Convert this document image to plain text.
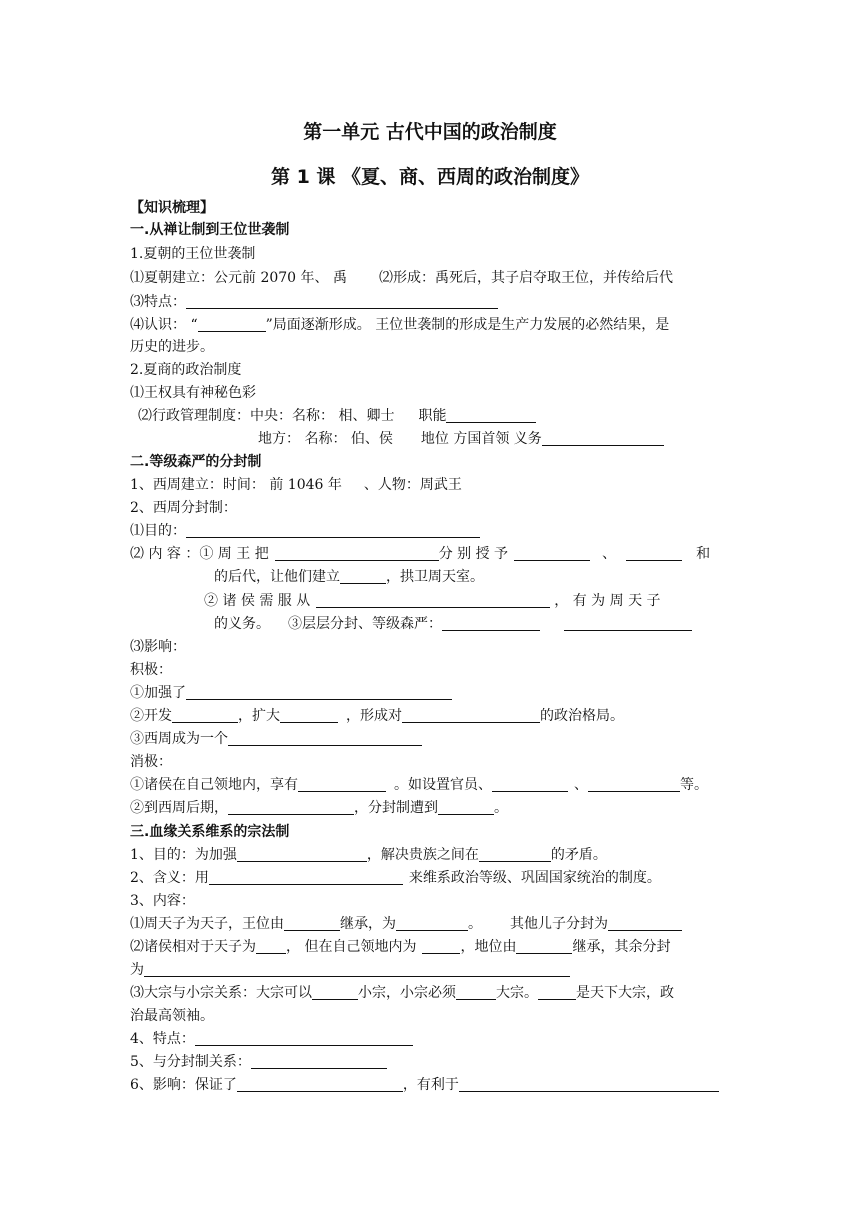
第一单元 古代中国的政治制度
第 1 课 《夏、商、西周的政治制度》
【知识梳理】
一.从禅让制到王位世袭制
1.夏朝的王位世袭制
⑴夏朝建立：公元前 2070 年、 禹 ⑵形成：禹死后，其子启夺取王位，并传给后代
⑶特点：
⑷认识： “	”局面逐渐形成。 王位世袭制的形成是生产力发展的必然结果，是
历史的进步。
2.夏商的政治制度
⑴王权具有神秘色彩
⑵行政管理制度：中央：名称： 相、卿士 职能
地方： 名称： 伯、侯 地位 方国首领 义务
二.等级森严的分封制
1、西周建立：时间： 前 1046 年 、人物：周武王
2、西周分封制：
⑴目的：
⑵ 内 容 ：① 周 王 把	分 别 授 予	、	和
的后代，让他们建立	，拱卫周天室。
② 诸 侯 需 服 从	， 有 为 周 天 子
的义务。 ③层层分封、等级森严：
⑶影响：
积极：
①加强了
②开发	，扩大	，形成对	的政治格局。
③西周成为一个
消极：
①诸侯在自己领地内，享有	。如设置官员、	、	等。
②到西周后期，	，分封制遭到	。
三.血缘关系维系的宗法制
1、目的：为加强	，解决贵族之间在	的矛盾。
2、含义：用	来维系政治等级、巩固国家统治的制度。
3、内容：
⑴周天子为天子，王位由	继承，为	。 其他儿子分封为
⑵诸侯相对于天子为 ， 但在自己领地内为	，地位由	继承，其余分封
为
⑶大宗与小宗关系：大宗可以	小宗，小宗必须	大宗。	是天下大宗，政
治最高领袖。
4、特点：
5、与分封制关系：
6、影响：保证了	，有利于
